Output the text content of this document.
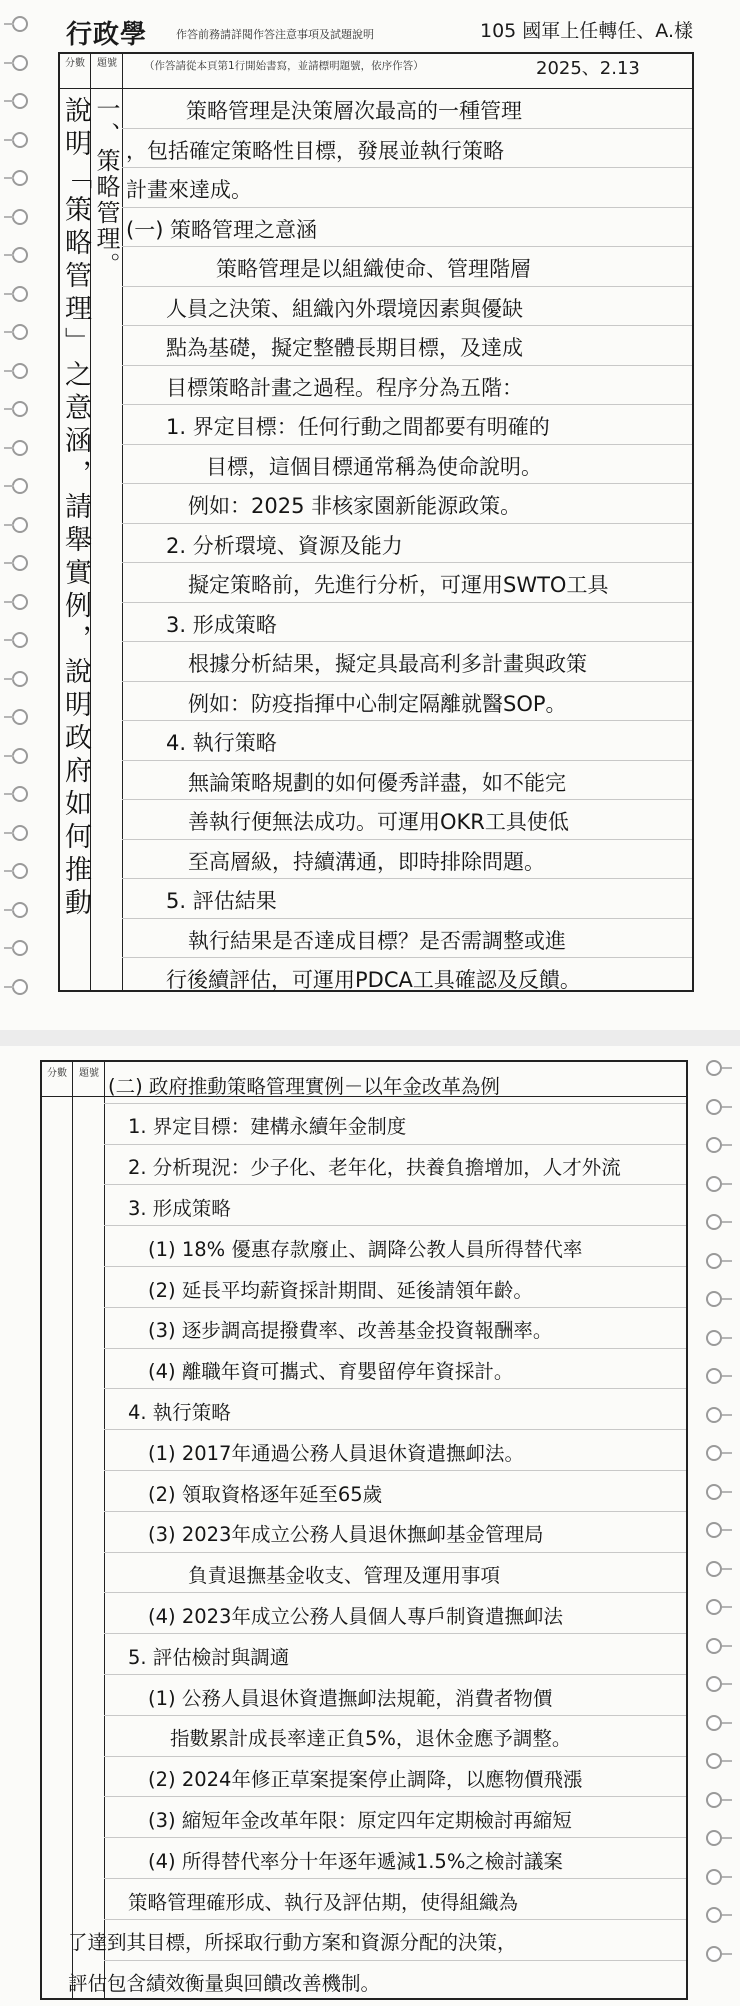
行政學	作答前務請詳閱作答注意事項及試題說明	105 國軍上任轉任、A.樣
分數 題號	（作答請從本頁第1行開始書寫，並請標明題號，依序作答）	2025、2.13
說明「策略管理」之意涵，請舉實例，說明政府如何推動 一、策略管理。	策略管理是決策層次最高的一種管理
，包括確定策略性目標，發展並執行策略
計畫來達成。
(一) 策略管理之意涵
策略管理是以組織使命、管理階層
人員之決策、組織內外環境因素與優缺
點為基礎，擬定整體長期目標，及達成
目標策略計畫之過程。程序分為五階：
1. 界定目標：任何行動之間都要有明確的
目標，這個目標通常稱為使命說明。
例如：2025 非核家園新能源政策。
2. 分析環境、資源及能力
擬定策略前，先進行分析，可運用SWTO工具
3. 形成策略
根據分析結果，擬定具最高利多計畫與政策
例如：防疫指揮中心制定隔離就醫SOP。
4. 執行策略
無論策略規劃的如何優秀詳盡，如不能完
善執行便無法成功。可運用OKR工具使低
至高層級，持續溝通，即時排除問題。
5. 評估結果
執行結果是否達成目標？是否需調整或進
行後續評估，可運用PDCA工具確認及反饋。
分數 題號
(二) 政府推動策略管理實例－以年金改革為例
1. 界定目標：建構永續年金制度
2. 分析現況：少子化、老年化，扶養負擔增加，人才外流
3. 形成策略
(1) 18% 優惠存款廢止、調降公教人員所得替代率
(2) 延長平均薪資採計期間、延後請領年齡。
(3) 逐步調高提撥費率、改善基金投資報酬率。
(4) 離職年資可攜式、育嬰留停年資採計。
4. 執行策略
(1) 2017年通過公務人員退休資遣撫卹法。
(2) 領取資格逐年延至65歲
(3) 2023年成立公務人員退休撫卹基金管理局
負責退撫基金收支、管理及運用事項
(4) 2023年成立公務人員個人專戶制資遣撫卹法
5. 評估檢討與調適
(1) 公務人員退休資遣撫卹法規範，消費者物價
指數累計成長率達正負5%，退休金應予調整。
(2) 2024年修正草案提案停止調降，以應物價飛漲
(3) 縮短年金改革年限：原定四年定期檢討再縮短
(4) 所得替代率分十年逐年遞減1.5%之檢討議案
策略管理確形成、執行及評估期，使得組織為
了達到其目標，所採取行動方案和資源分配的決策，
評估包含績效衡量與回饋改善機制。
